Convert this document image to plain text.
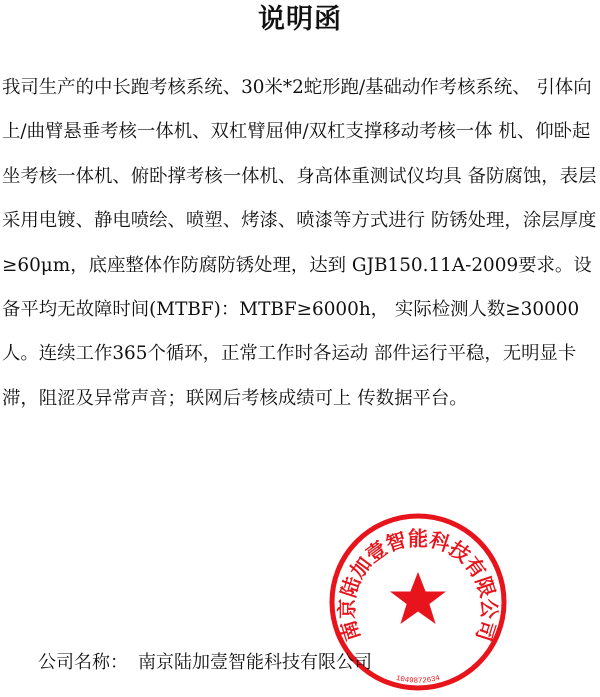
说明函
我司生产的中长跑考核系统、30米*2蛇形跑/基础动作考核系统、 引体向上/曲臂悬垂考核一体机、双杠臂屈伸/双杠支撑移动考核一体 机、仰卧起坐考核一体机、俯卧撑考核一体机、身高体重测试仪均具 备防腐蚀，表层采用电镀、静电喷绘、喷塑、烤漆、喷漆等方式进行 防锈处理，涂层厚度≥60μm，底座整体作防腐防锈处理，达到 GJB150.11A-2009要求。设备平均无故障时间(MTBF)：MTBF≥6000h， 实际检测人数≥30000人。连续工作365个循环，正常工作时各运动 部件运行平稳，无明显卡滞，阻涩及异常声音；联网后考核成绩可上 传数据平台。
南京陆加壹智能科技有限公司
1049872634
公司名称： 南京陆加壹智能科技有限公司
